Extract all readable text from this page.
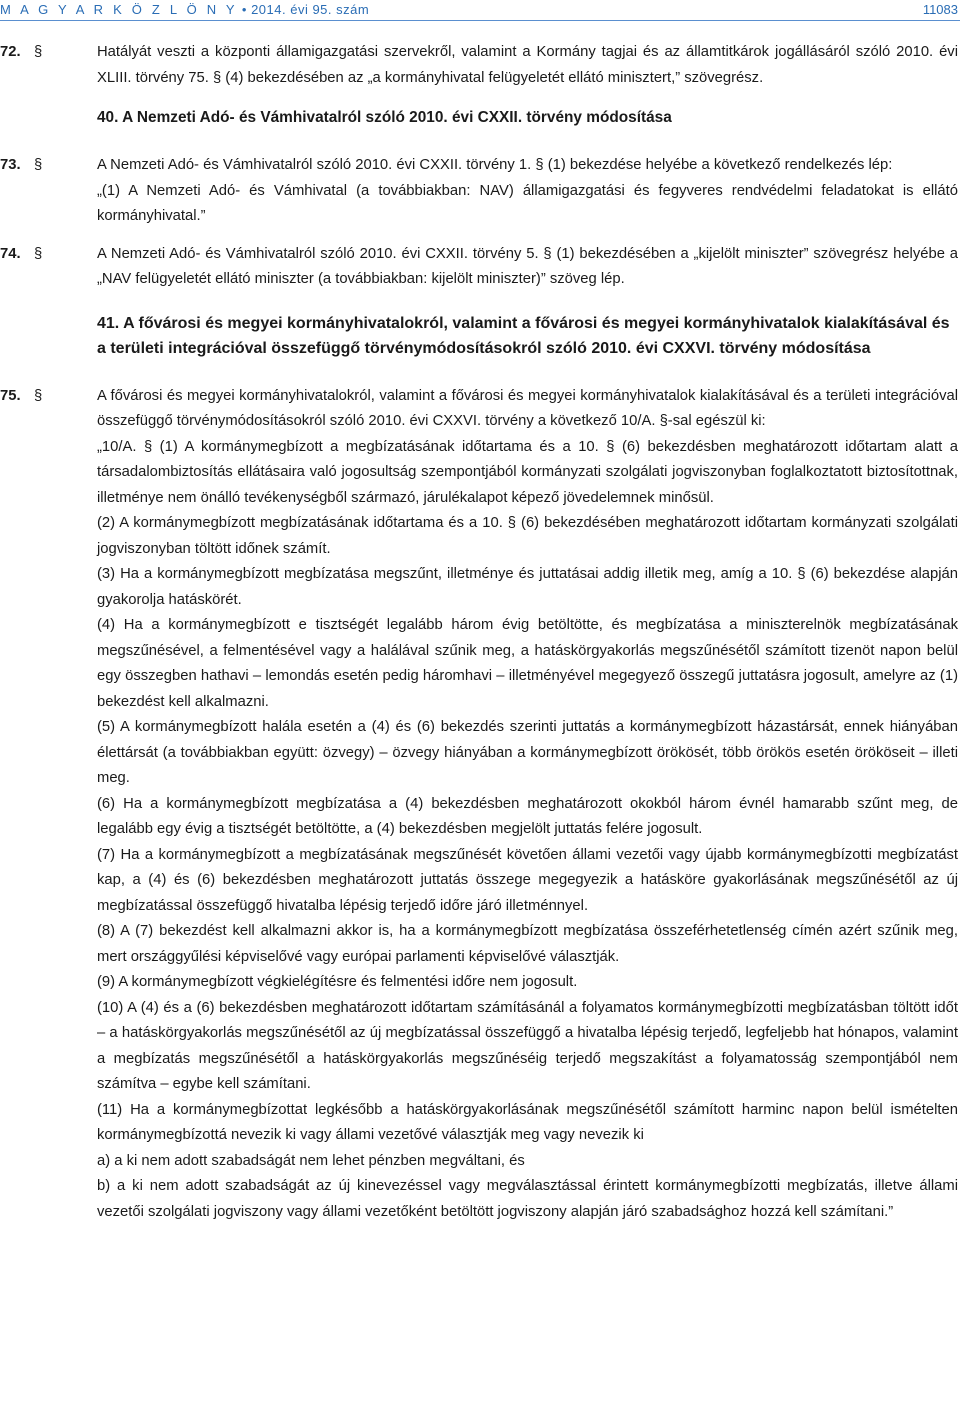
M A G Y A R K Ö Z L Ö N Y • 2014. évi 95. szám	11083
72. §	Hatályát veszti a központi államigazgatási szervekről, valamint a Kormány tagjai és az államtitkárok jogállásáról szóló 2010. évi XLIII. törvény 75. § (4) bekezdésében az „a kormányhivatal felügyeletét ellátó minisztert,” szövegrész.
40. A Nemzeti Adó- és Vámhivatalról szóló 2010. évi CXXII. törvény módosítása
73. §	A Nemzeti Adó- és Vámhivatalról szóló 2010. évi CXXII. törvény 1. § (1) bekezdése helyébe a következő rendelkezés lép:
„(1) A Nemzeti Adó- és Vámhivatal (a továbbiakban: NAV) államigazgatási és fegyveres rendvédelmi feladatokat is ellátó kormányhivatal.”
74. §	A Nemzeti Adó- és Vámhivatalról szóló 2010. évi CXXII. törvény 5. § (1) bekezdésében a „kijelölt miniszter” szövegrész helyébe a „NAV felügyeletét ellátó miniszter (a továbbiakban: kijelölt miniszter)” szöveg lép.
41. A fővárosi és megyei kormányhivatalokról, valamint a fővárosi és megyei kormányhivatalok kialakításával és a területi integrációval összefüggő törvénymódosításokról szóló 2010. évi CXXVI. törvény módosítása
75. §	A fővárosi és megyei kormányhivatalokról, valamint a fővárosi és megyei kormányhivatalok kialakításával és a területi integrációval összefüggő törvénymódosításokról szóló 2010. évi CXXVI. törvény a következő 10/A. §-sal egészül ki:
„10/A. § (1) A kormánymegbízott a megbízatásának időtartama és a 10. § (6) bekezdésben meghatározott időtartam alatt a társadalombiztosítás ellátásaira való jogosultság szempontjából kormányzati szolgálati jogviszonyban foglalkoztatott biztosítottnak, illetménye nem önálló tevékenységből származó, járulékalapot képező jövedelemnek minősül.
(2) A kormánymegbízott megbízatásának időtartama és a 10. § (6) bekezdésében meghatározott időtartam kormányzati szolgálati jogviszonyban töltött időnek számít.
(3) Ha a kormánymegbízott megbízatása megszűnt, illetménye és juttatásai addig illetik meg, amíg a 10. § (6) bekezdése alapján gyakorolja hatáskörét.
(4) Ha a kormánymegbízott e tisztségét legalább három évig betöltötte, és megbízatása a miniszterelnök megbízatásának megszűnésével, a felmentésével vagy a halálával szűnik meg, a hatáskörgyakorlás megszűnésétől számított tizenöt napon belül egy összegben hathavi – lemondás esetén pedig háromhavi – illetményével megegyező összegű juttatásra jogosult, amelyre az (1) bekezdést kell alkalmazni.
(5) A kormánymegbízott halála esetén a (4) és (6) bekezdés szerinti juttatás a kormánymegbízott házastársát, ennek hiányában élettársát (a továbbiakban együtt: özvegy) – özvegy hiányában a kormánymegbízott örökösét, több örökös esetén örököseit – illeti meg.
(6) Ha a kormánymegbízott megbízatása a (4) bekezdésben meghatározott okokból három évnél hamarabb szűnt meg, de legalább egy évig a tisztségét betöltötte, a (4) bekezdésben megjelölt juttatás felére jogosult.
(7) Ha a kormánymegbízott a megbízatásának megszűnését követően állami vezetői vagy újabb kormánymegbízotti megbízatást kap, a (4) és (6) bekezdésben meghatározott juttatás összege megegyezik a hatásköre gyakorlásának megszűnésétől az új megbízatással összefüggő hivatalba lépésig terjedő időre járó illetménnyel.
(8) A (7) bekezdést kell alkalmazni akkor is, ha a kormánymegbízott megbízatása összeférhetetlenség címén azért szűnik meg, mert országgyűlési képviselővé vagy európai parlamenti képviselővé választják.
(9) A kormánymegbízott végkielégítésre és felmentési időre nem jogosult.
(10) A (4) és a (6) bekezdésben meghatározott időtartam számításánál a folyamatos kormánymegbízotti megbízatásban töltött időt – a hatáskörgyakorlás megszűnésétől az új megbízatással összefüggő a hivatalba lépésig terjedő, legfeljebb hat hónapos, valamint a megbízatás megszűnésétől a hatáskörgyakorlás megszűnéséig terjedő megszakítást a folyamatosság szempontjából nem számítva – egybe kell számítani.
(11) Ha a kormánymegbízottat legkésőbb a hatáskörgyakorlásának megszűnésétől számított harminc napon belül ismételten kormánymegbízottá nevezik ki vagy állami vezetővé választják meg vagy nevezik ki
a) a ki nem adott szabadságát nem lehet pénzben megváltani, és
b) a ki nem adott szabadságát az új kinevezéssel vagy megválasztással érintett kormánymegbízotti megbízatás, illetve állami vezetői szolgálati jogviszony vagy állami vezetőként betöltött jogviszony alapján járó szabadsághoz hozzá kell számítani.”
